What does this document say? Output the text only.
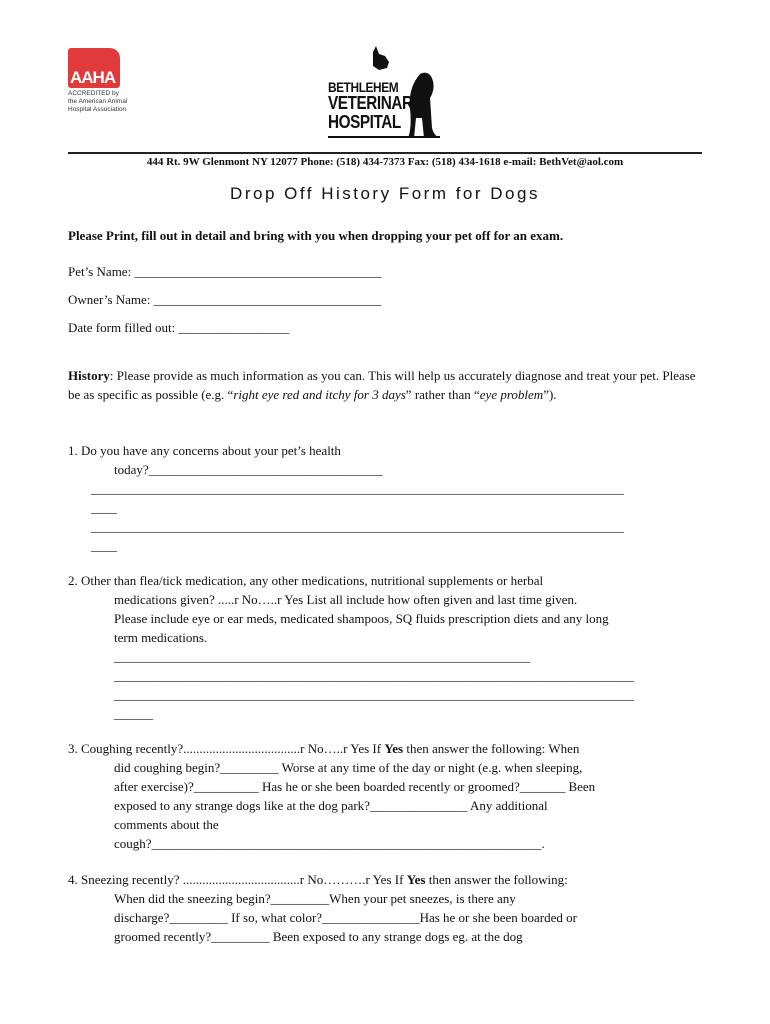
AAHA
ACCREDITED by the American Animal Hospital Association
BETHLEHEM
VETERINARY
HOSPITAL
444 Rt. 9W Glenmont NY 12077 Phone: (518) 434-7373 Fax: (518) 434-1618 e-mail: BethVet@aol.com
Drop Off History Form for Dogs
Please Print, fill out in detail and bring with you when dropping your pet off for an exam.
Pet’s Name: ______________________________________
Owner’s Name: ___________________________________
Date form filled out: _________________
History: Please provide as much information as you can. This will help us accurately diagnose and treat your pet. Please be as specific as possible (e.g. “right eye red and itchy for 3 days” rather than “eye problem”).
1. Do you have any concerns about your pet’s health
today?____________________________________
__________________________________________________________________________________
____
__________________________________________________________________________________
____
2. Other than flea/tick medication, any other medications, nutritional supplements or herbal
medications given? .....r No…..r Yes List all include how often given and last time given.
Please include eye or ear meds, medicated shampoos, SQ fluids prescription diets and any long
term medications.
________________________________________________________________
________________________________________________________________________________
________________________________________________________________________________
______
3. Coughing recently?....................................r No…..r Yes If Yes then answer the following: When
did coughing begin?_________ Worse at any time of the day or night (e.g. when sleeping,
after exercise)?__________ Has he or she been boarded recently or groomed?_______ Been
exposed to any strange dogs like at the dog park?_______________ Any additional
comments about the
cough?____________________________________________________________.
4. Sneezing recently? ....................................r No……….r Yes If Yes then answer the following:
When did the sneezing begin?_________When your pet sneezes, is there any
discharge?_________ If so, what color?_______________Has he or she been boarded or
groomed recently?_________ Been exposed to any strange dogs eg. at the dog
